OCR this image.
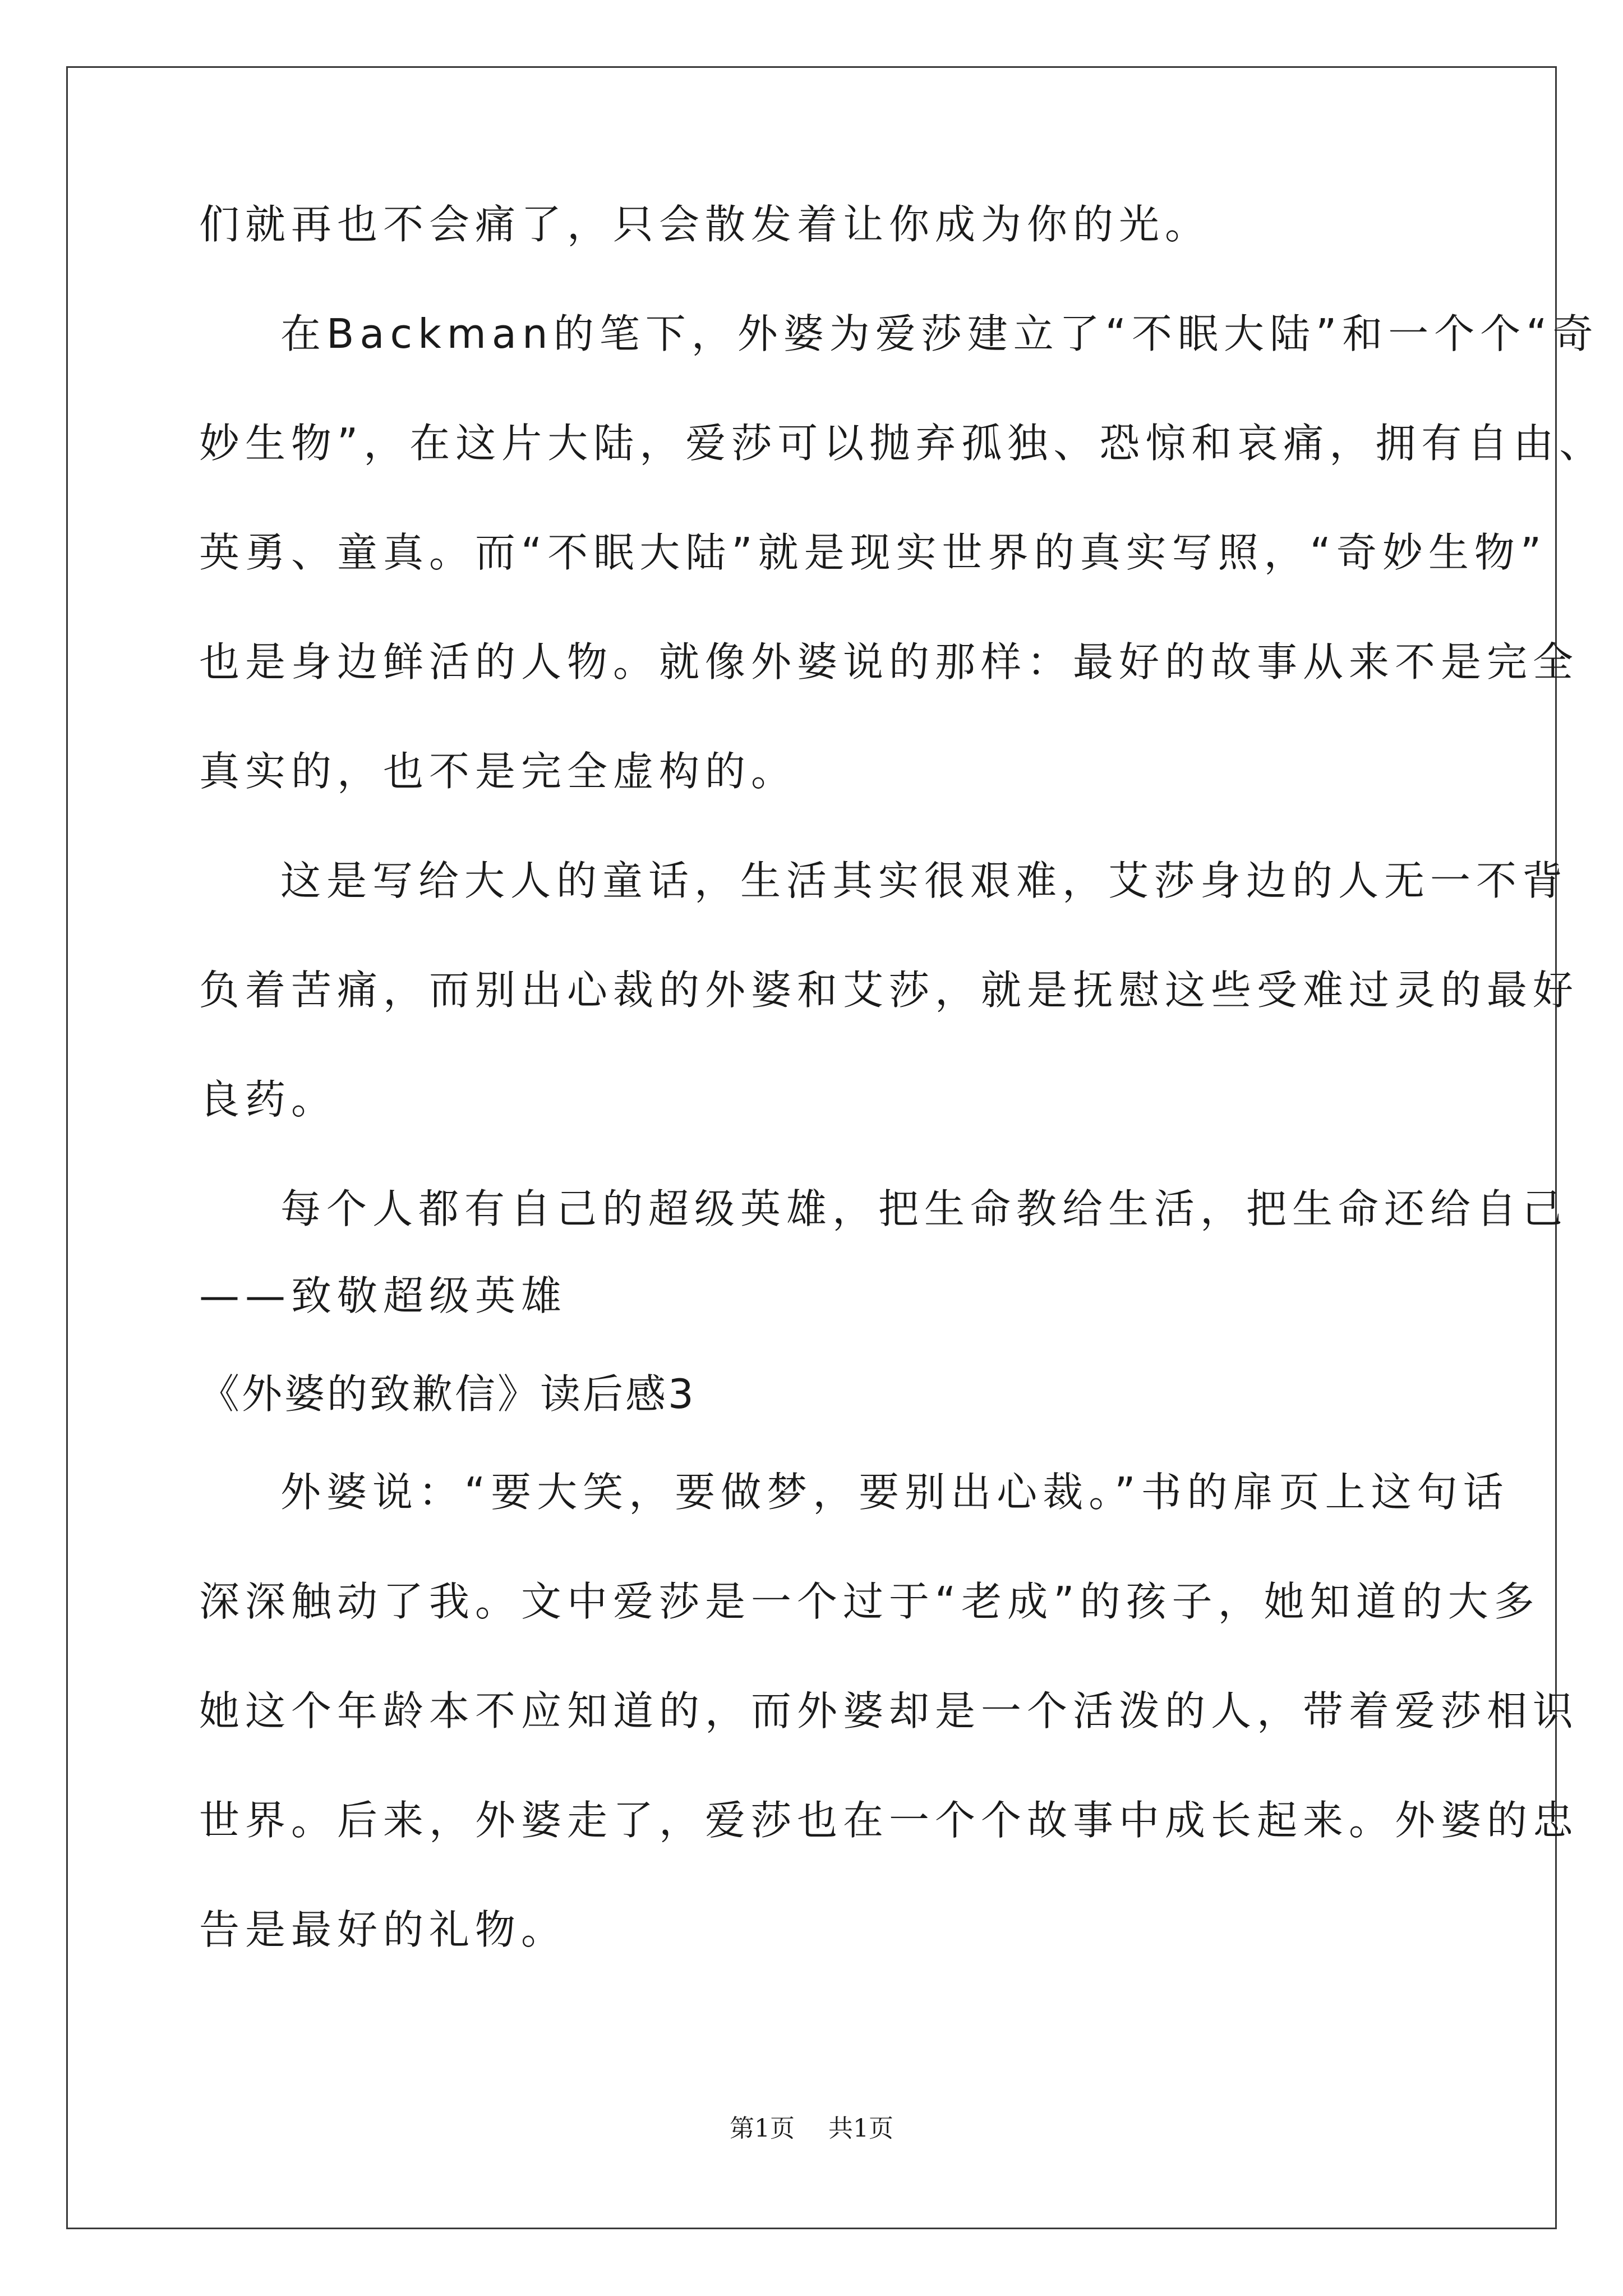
们就再也不会痛了，只会散发着让你成为你的光。
在Backman的笔下，外婆为爱莎建立了“不眠大陆”和一个个“奇
妙生物”，在这片大陆，爱莎可以抛弃孤独、恐惊和哀痛，拥有自由、
英勇、童真。而“不眠大陆”就是现实世界的真实写照，“奇妙生物”
也是身边鲜活的人物。就像外婆说的那样：最好的故事从来不是完全
真实的，也不是完全虚构的。
这是写给大人的童话，生活其实很艰难，艾莎身边的人无一不背
负着苦痛，而别出心裁的外婆和艾莎，就是抚慰这些受难过灵的最好
良药。
每个人都有自己的超级英雄，把生命教给生活，把生命还给自己
——致敬超级英雄
《外婆的致歉信》读后感3
外婆说：“要大笑，要做梦，要别出心裁。”书的扉页上这句话
深深触动了我。文中爱莎是一个过于“老成”的孩子，她知道的大多
她这个年龄本不应知道的，而外婆却是一个活泼的人，带着爱莎相识
世界。后来，外婆走了，爱莎也在一个个故事中成长起来。外婆的忠
告是最好的礼物。
第1页 共1页
